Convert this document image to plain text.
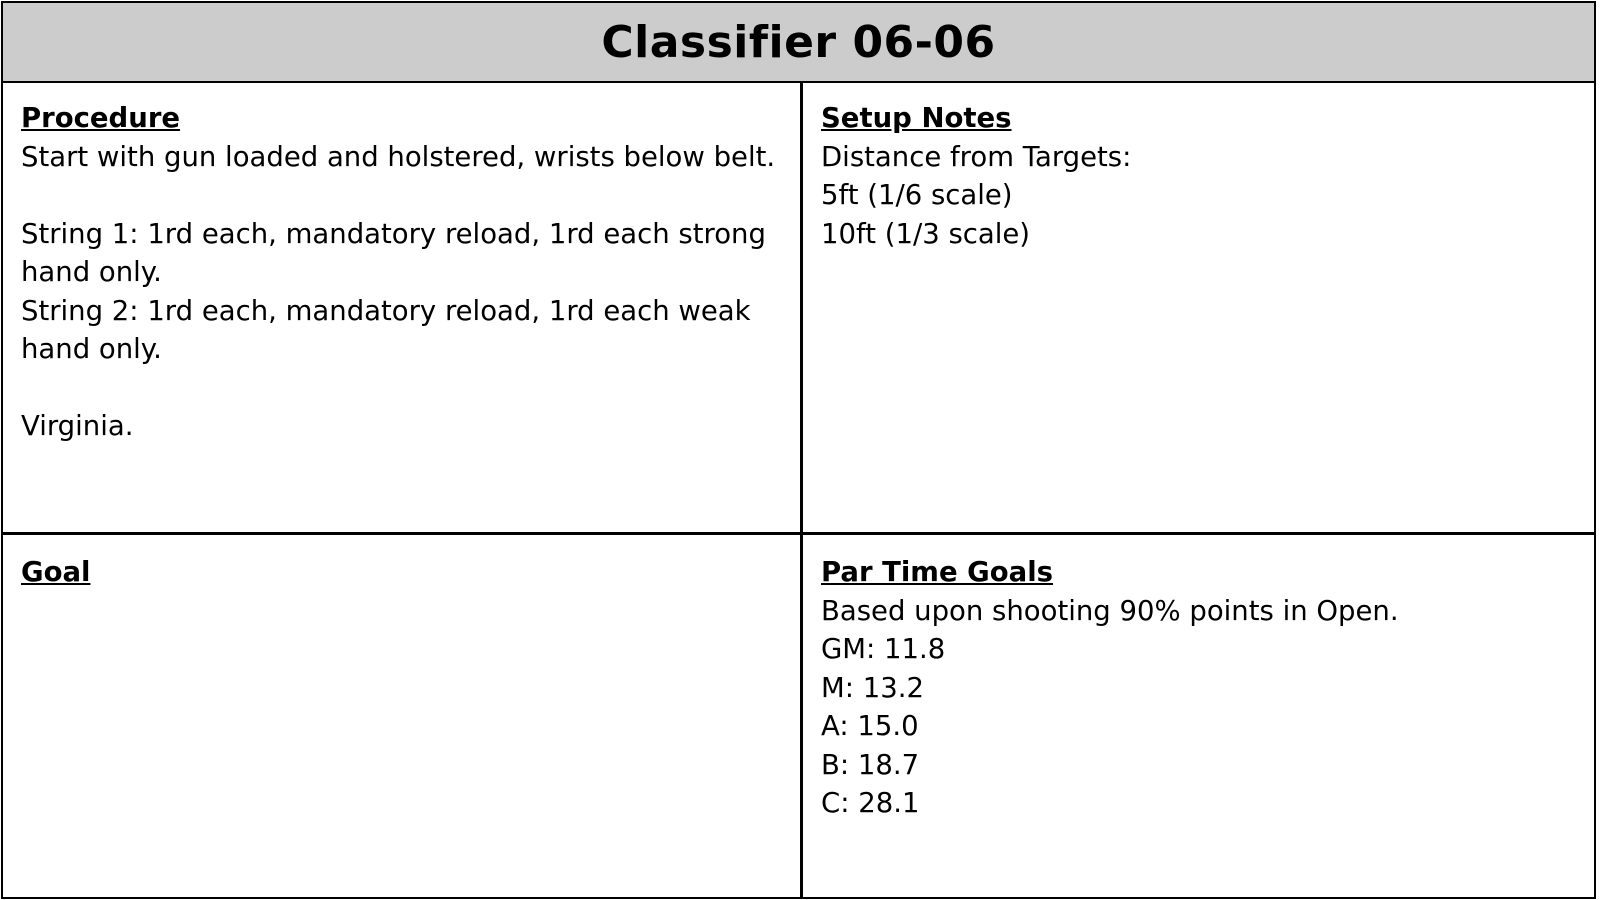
Classifier 06-06
Procedure
Start with gun loaded and holstered, wrists below belt.
String 1: 1rd each, mandatory reload, 1rd each strong hand only.
String 2: 1rd each, mandatory reload, 1rd each weak hand only.
Virginia.
Setup Notes
Distance from Targets:
5ft (1/6 scale)
10ft (1/3 scale)
Goal	Par Time Goals
Based upon shooting 90% points in Open.
GM: 11.8
M: 13.2
A: 15.0
B: 18.7
C: 28.1
